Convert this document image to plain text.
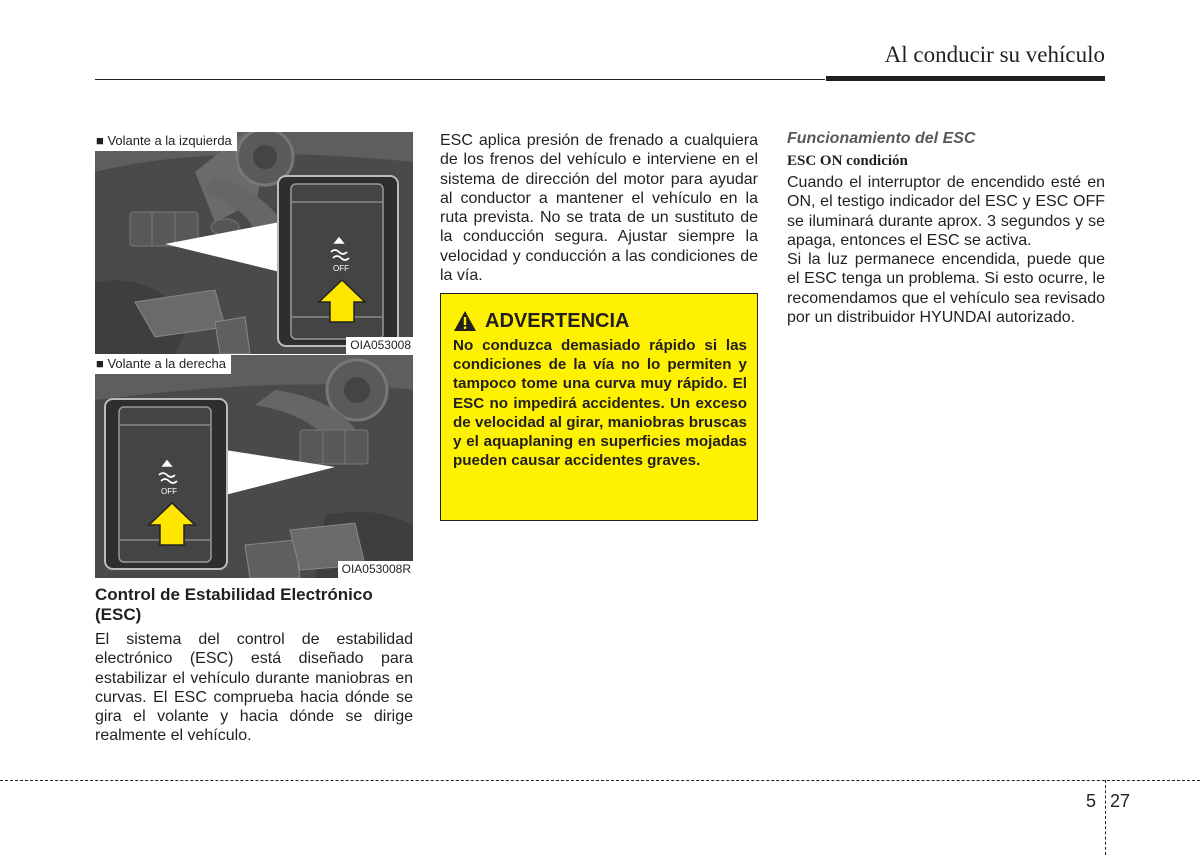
Al conducir su vehículo
OFF
■ Volante a la izquierda
OIA053008
OFF
■ Volante a la derecha
OIA053008R
Control de Estabilidad Electrónico (ESC)

El sistema del control de estabilidad electrónico (ESC) está diseñado para estabilizar el vehículo durante maniobras en curvas. El ESC comprueba hacia dónde se gira el volante y hacia dónde se dirige realmente el vehículo.

ESC aplica presión de frenado a cualquiera de los frenos del vehículo e interviene en el sistema de dirección del motor para ayudar al conductor a mantener el vehículo en la ruta prevista. No se trata de un sustituto de la conducción segura. Ajustar siempre la velocidad y conducción a las condiciones de la vía.

ADVERTENCIA
No conduzca demasiado rápido si las condiciones de la vía no lo permiten y tampoco tome una curva muy rápido. El ESC no impedirá accidentes. Un exceso de velocidad al girar, maniobras bruscas y el aquaplaning en superficies mojadas pueden causar accidentes graves.
Funcionamiento del ESC
ESC ON condición

Cuando el interruptor de encendido esté en ON, el testigo indicador del ESC y ESC OFF se iluminará durante aprox. 3 segundos y se apaga, entonces el ESC se activa.

Si la luz permanece encendida, puede que el ESC tenga un problema. Si esto ocurre, le recomendamos que el vehículo sea revisado por un distribuidor HYUNDAI autorizado.

5 27
